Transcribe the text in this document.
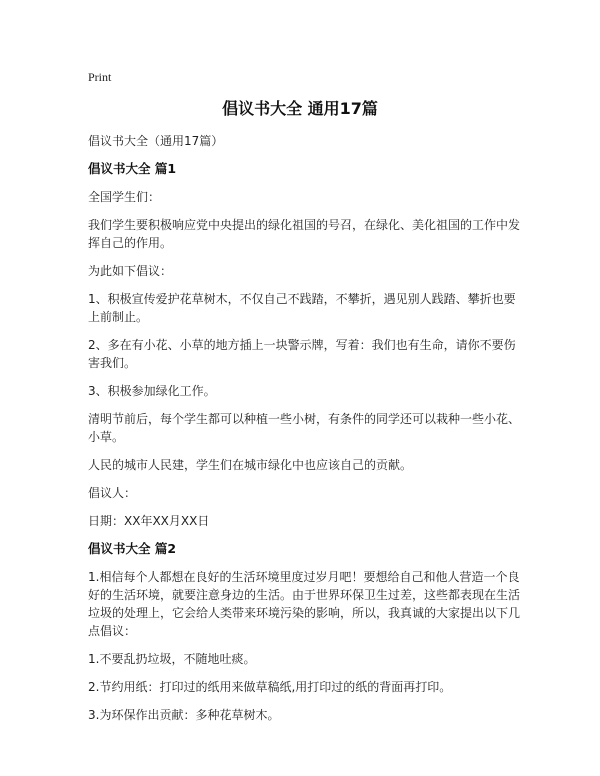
Print
倡议书大全 通用17篇

倡议书大全（通用17篇）

倡议书大全 篇1

全国学生们：

我们学生要积极响应党中央提出的绿化祖国的号召，在绿化、美化祖国的工作中发挥自己的作用。

为此如下倡议：

1、积极宣传爱护花草树木，不仅自己不践踏，不攀折，遇见别人践踏、攀折也要上前制止。

2、多在有小花、小草的地方插上一块警示牌，写着：我们也有生命，请你不要伤害我们。

3、积极参加绿化工作。

清明节前后，每个学生都可以种植一些小树，有条件的同学还可以栽种一些小花、小草。

人民的城市人民建，学生们在城市绿化中也应该自己的贡献。

倡议人：

日期：XX年XX月XX日

倡议书大全 篇2

1.相信每个人都想在良好的生活环境里度过岁月吧！要想给自己和他人营造一个良好的生活环境，就要注意身边的生活。由于世界环保卫生过差，这些都表现在生活垃圾的处理上，它会给人类带来环境污染的影响，所以，我真诚的大家提出以下几点倡议：

1.不要乱扔垃圾，不随地吐痰。

2.节约用纸：打印过的纸用来做草稿纸,用打印过的纸的背面再打印。

3.为环保作出贡献：多种花草树木。
